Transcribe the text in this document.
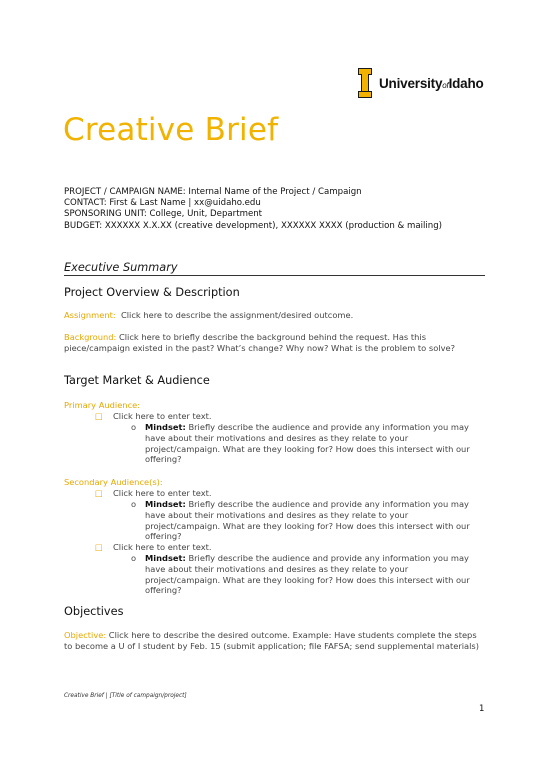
UniversityofIdaho
Creative Brief
PROJECT / CAMPAIGN NAME: Internal Name of the Project / Campaign
CONTACT: First & Last Name | xx@uidaho.edu
SPONSORING UNIT: College, Unit, Department
BUDGET: XXXXXX X.X.XX (creative development), XXXXXX XXXX (production & mailing)
Executive Summary
Project Overview & Description
Assignment: Click here to describe the assignment/desired outcome.
Background: Click here to briefly describe the background behind the request. Has this piece/campaign existed in the past? What’s change? Why now? What is the problem to solve?
Target Market & Audience
Primary Audience:
□ Click here to enter text.
o	Mindset: Briefly describe the audience and provide any information you may have about their motivations and desires as they relate to your project/campaign. What are they looking for? How does this intersect with our offering?
Secondary Audience(s):
□ Click here to enter text.
o	Mindset: Briefly describe the audience and provide any information you may have about their motivations and desires as they relate to your project/campaign. What are they looking for? How does this intersect with our offering?
□ Click here to enter text.
o	Mindset: Briefly describe the audience and provide any information you may have about their motivations and desires as they relate to your project/campaign. What are they looking for? How does this intersect with our offering?
Objectives
Objective: Click here to describe the desired outcome. Example: Have students complete the steps to become a U of I student by Feb. 15 (submit application; file FAFSA; send supplemental materials)
Creative Brief | [Title of campaign/project]
1
